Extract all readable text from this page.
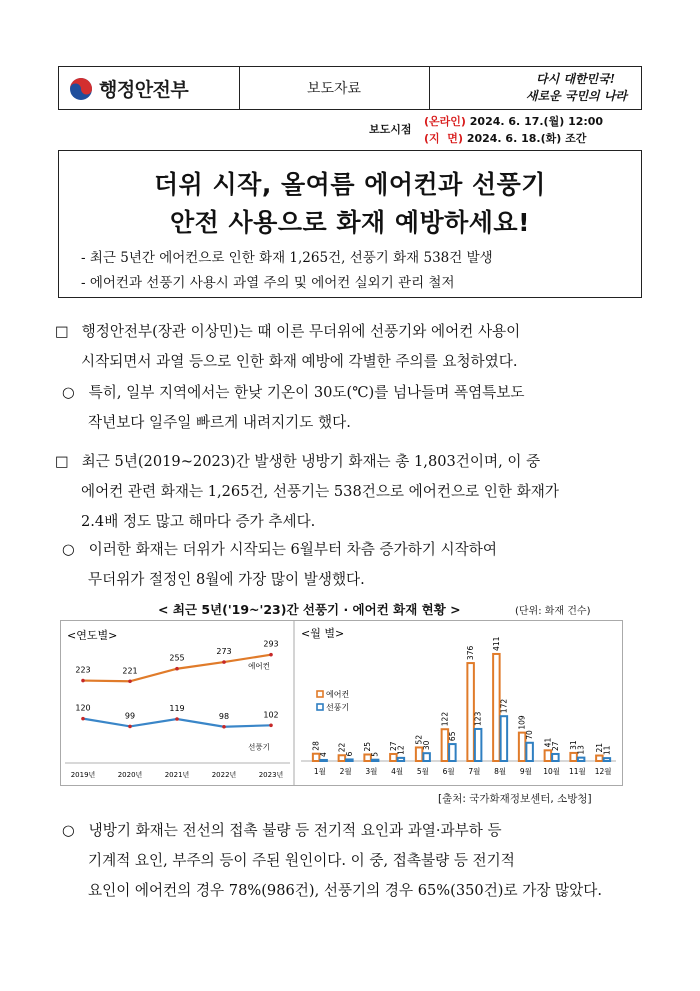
행정안전부	보도자료
다시 대한민국!
새로운 국민의 나라
보도시점
(온라인) 2024. 6. 17.(월) 12:00
(지  면) 2024. 6. 18.(화) 조간
더위 시작, 올여름 에어컨과 선풍기
안전 사용으로 화재 예방하세요!
- 최근 5년간 에어컨으로 인한 화재 1,265건, 선풍기 화재 538건 발생
- 에어컨과 선풍기 사용시 과열 주의 및 에어컨 실외기 관리 철저
□ 행정안전부(장관 이상민)는 때 이른 무더위에 선풍기와 에어컨 사용이
시작되면서 과열 등으로 인한 화재 예방에 각별한 주의를 요청하였다.
○ 특히, 일부 지역에서는 한낮 기온이 30도(℃)를 넘나들며 폭염특보도
작년보다 일주일 빠르게 내려지기도 했다.
□ 최근 5년(2019~2023)간 발생한 냉방기 화재는 총 1,803건이며, 이 중
에어컨 관련 화재는 1,265건, 선풍기는 538건으로 에어컨으로 인한 화재가
2.4배 정도 많고 해마다 증가 추세다.
○ 이러한 화재는 더위가 시작되는 6월부터 차츰 증가하기 시작하여
무더위가 절정인 8월에 가장 많이 발생했다.
< 최근 5년('19~'23)간 선풍기 · 에어컨 화재 현황 >	(단위: 화재 건수)
<연도별>
2019년	2020년	2021년	2022년	2023년
223	221
255
273
293
에어컨
120
99
119
98	102
선풍기
<월 별>
1월
28
4
2월
22
6
3월
25
5
4월
27
12
5월
52
30
6월
122
65
7월
376
123
8월
411
172
9월
109
70
10월
41
27
11월
31
13
12월
21
11
에어컨
선풍기
[출처: 국가화재정보센터, 소방청]
○ 냉방기 화재는 전선의 접촉 불량 등 전기적 요인과 과열·과부하 등
기계적 요인, 부주의 등이 주된 원인이다. 이 중, 접촉불량 등 전기적
요인이 에어컨의 경우 78%(986건), 선풍기의 경우 65%(350건)로 가장 많았다.
